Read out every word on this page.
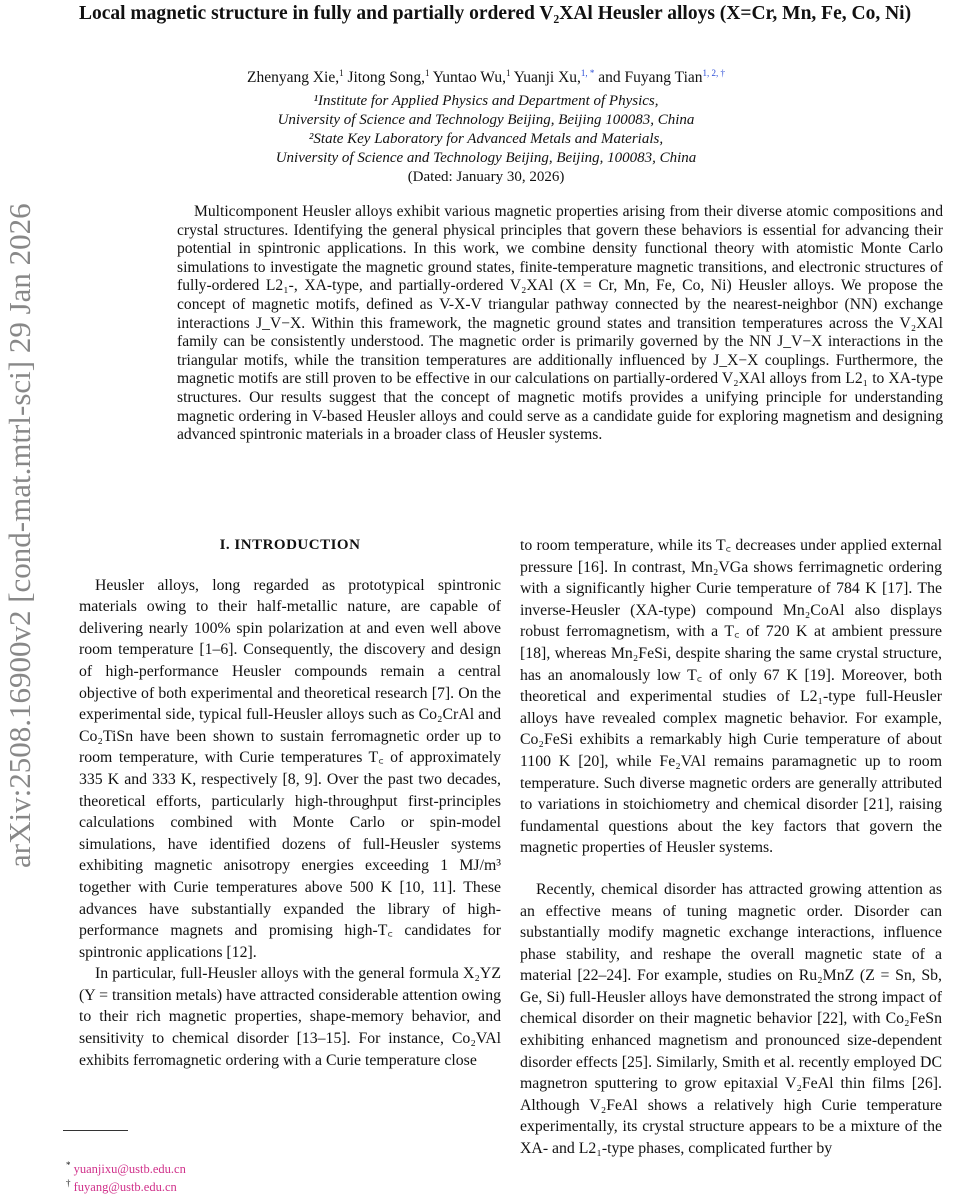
Local magnetic structure in fully and partially ordered V₂XAl Heusler alloys (X=Cr, Mn, Fe, Co, Ni)
Zhenyang Xie,$^1$ Jitong Song,$^1$ Yuntao Wu,$^1$ Yuanji Xu,$^{1, *}$ and Fuyang Tian$^{1, 2, \dagger}$
¹Institute for Applied Physics and Department of Physics,
University of Science and Technology Beijing, Beijing 100083, China
²State Key Laboratory for Advanced Metals and Materials,
University of Science and Technology Beijing, Beijing, 100083, China
(Dated: January 30, 2026)
arXiv:2508.16900v2 [cond-mat.mtrl-sci] 29 Jan 2026	Multicomponent Heusler alloys exhibit various magnetic properties arising from their diverse atomic compositions and crystal structures. Identifying the general physical principles that govern these behaviors is essential for advancing their potential in spintronic applications. In this work, we combine density functional theory with atomistic Monte Carlo simulations to investigate the magnetic ground states, finite-temperature magnetic transitions, and electronic structures of fully-ordered L2₁-, XA-type, and partially-ordered V₂XAl (X = Cr, Mn, Fe, Co, Ni) Heusler alloys. We propose the concept of magnetic motifs, defined as V-X-V triangular pathway connected by the nearest-neighbor (NN) exchange interactions J_V−X. Within this framework, the magnetic ground states and transition temperatures across the V₂XAl family can be consistently understood. The magnetic order is primarily governed by the NN J_V−X interactions in the triangular motifs, while the transition temperatures are additionally influenced by J_X−X couplings. Furthermore, the magnetic motifs are still proven to be effective in our calculations on partially-ordered V₂XAl alloys from L2₁ to XA-type structures. Our results suggest that the concept of magnetic motifs provides a unifying principle for understanding magnetic ordering in V-based Heusler alloys and could serve as a candidate guide for exploring magnetism and designing advanced spintronic materials in a broader class of Heusler systems.
I. INTRODUCTION

Heusler alloys, long regarded as prototypical spintronic materials owing to their half-metallic nature, are capable of delivering nearly 100% spin polarization at and even well above room temperature [1–6]. Consequently, the discovery and design of high-performance Heusler compounds remain a central objective of both experimental and theoretical research [7]. On the experimental side, typical full-Heusler alloys such as Co₂CrAl and Co₂TiSn have been shown to sustain ferromagnetic order up to room temperature, with Curie temperatures T꜀ of approximately 335 K and 333 K, respectively [8, 9]. Over the past two decades, theoretical efforts, particularly high-throughput first-principles calculations combined with Monte Carlo or spin-model simulations, have identified dozens of full-Heusler systems exhibiting magnetic anisotropy energies exceeding 1 MJ/m³ together with Curie temperatures above 500 K [10, 11]. These advances have substantially expanded the library of high-performance magnets and promising high-T꜀ candidates for spintronic applications [12].

In particular, full-Heusler alloys with the general formula X₂YZ (Y = transition metals) have attracted considerable attention owing to their rich magnetic properties, shape-memory behavior, and sensitivity to chemical disorder [13–15]. For instance, Co₂VAl exhibits ferromagnetic ordering with a Curie temperature close

to room temperature, while its T꜀ decreases under applied external pressure [16]. In contrast, Mn₂VGa shows ferrimagnetic ordering with a significantly higher Curie temperature of 784 K [17]. The inverse-Heusler (XA-type) compound Mn₂CoAl also displays robust ferromagnetism, with a T꜀ of 720 K at ambient pressure [18], whereas Mn₂FeSi, despite sharing the same crystal structure, has an anomalously low T꜀ of only 67 K [19]. Moreover, both theoretical and experimental studies of L2₁-type full-Heusler alloys have revealed complex magnetic behavior. For example, Co₂FeSi exhibits a remarkably high Curie temperature of about 1100 K [20], while Fe₂VAl remains paramagnetic up to room temperature. Such diverse magnetic orders are generally attributed to variations in stoichiometry and chemical disorder [21], raising fundamental questions about the key factors that govern the magnetic properties of Heusler systems.

Recently, chemical disorder has attracted growing attention as an effective means of tuning magnetic order. Disorder can substantially modify magnetic exchange interactions, influence phase stability, and reshape the overall magnetic state of a material [22–24]. For example, studies on Ru₂MnZ (Z = Sn, Sb, Ge, Si) full-Heusler alloys have demonstrated the strong impact of chemical disorder on their magnetic behavior [22], with Co₂FeSn exhibiting enhanced magnetism and pronounced size-dependent disorder effects [25]. Similarly, Smith et al. recently employed DC magnetron sputtering to grow epitaxial V₂FeAl thin films [26]. Although V₂FeAl shows a relatively high Curie temperature experimentally, its crystal structure appears to be a mixture of the XA- and L2₁-type phases, complicated further by

* yuanjixu@ustb.edu.cn
† fuyang@ustb.edu.cn
